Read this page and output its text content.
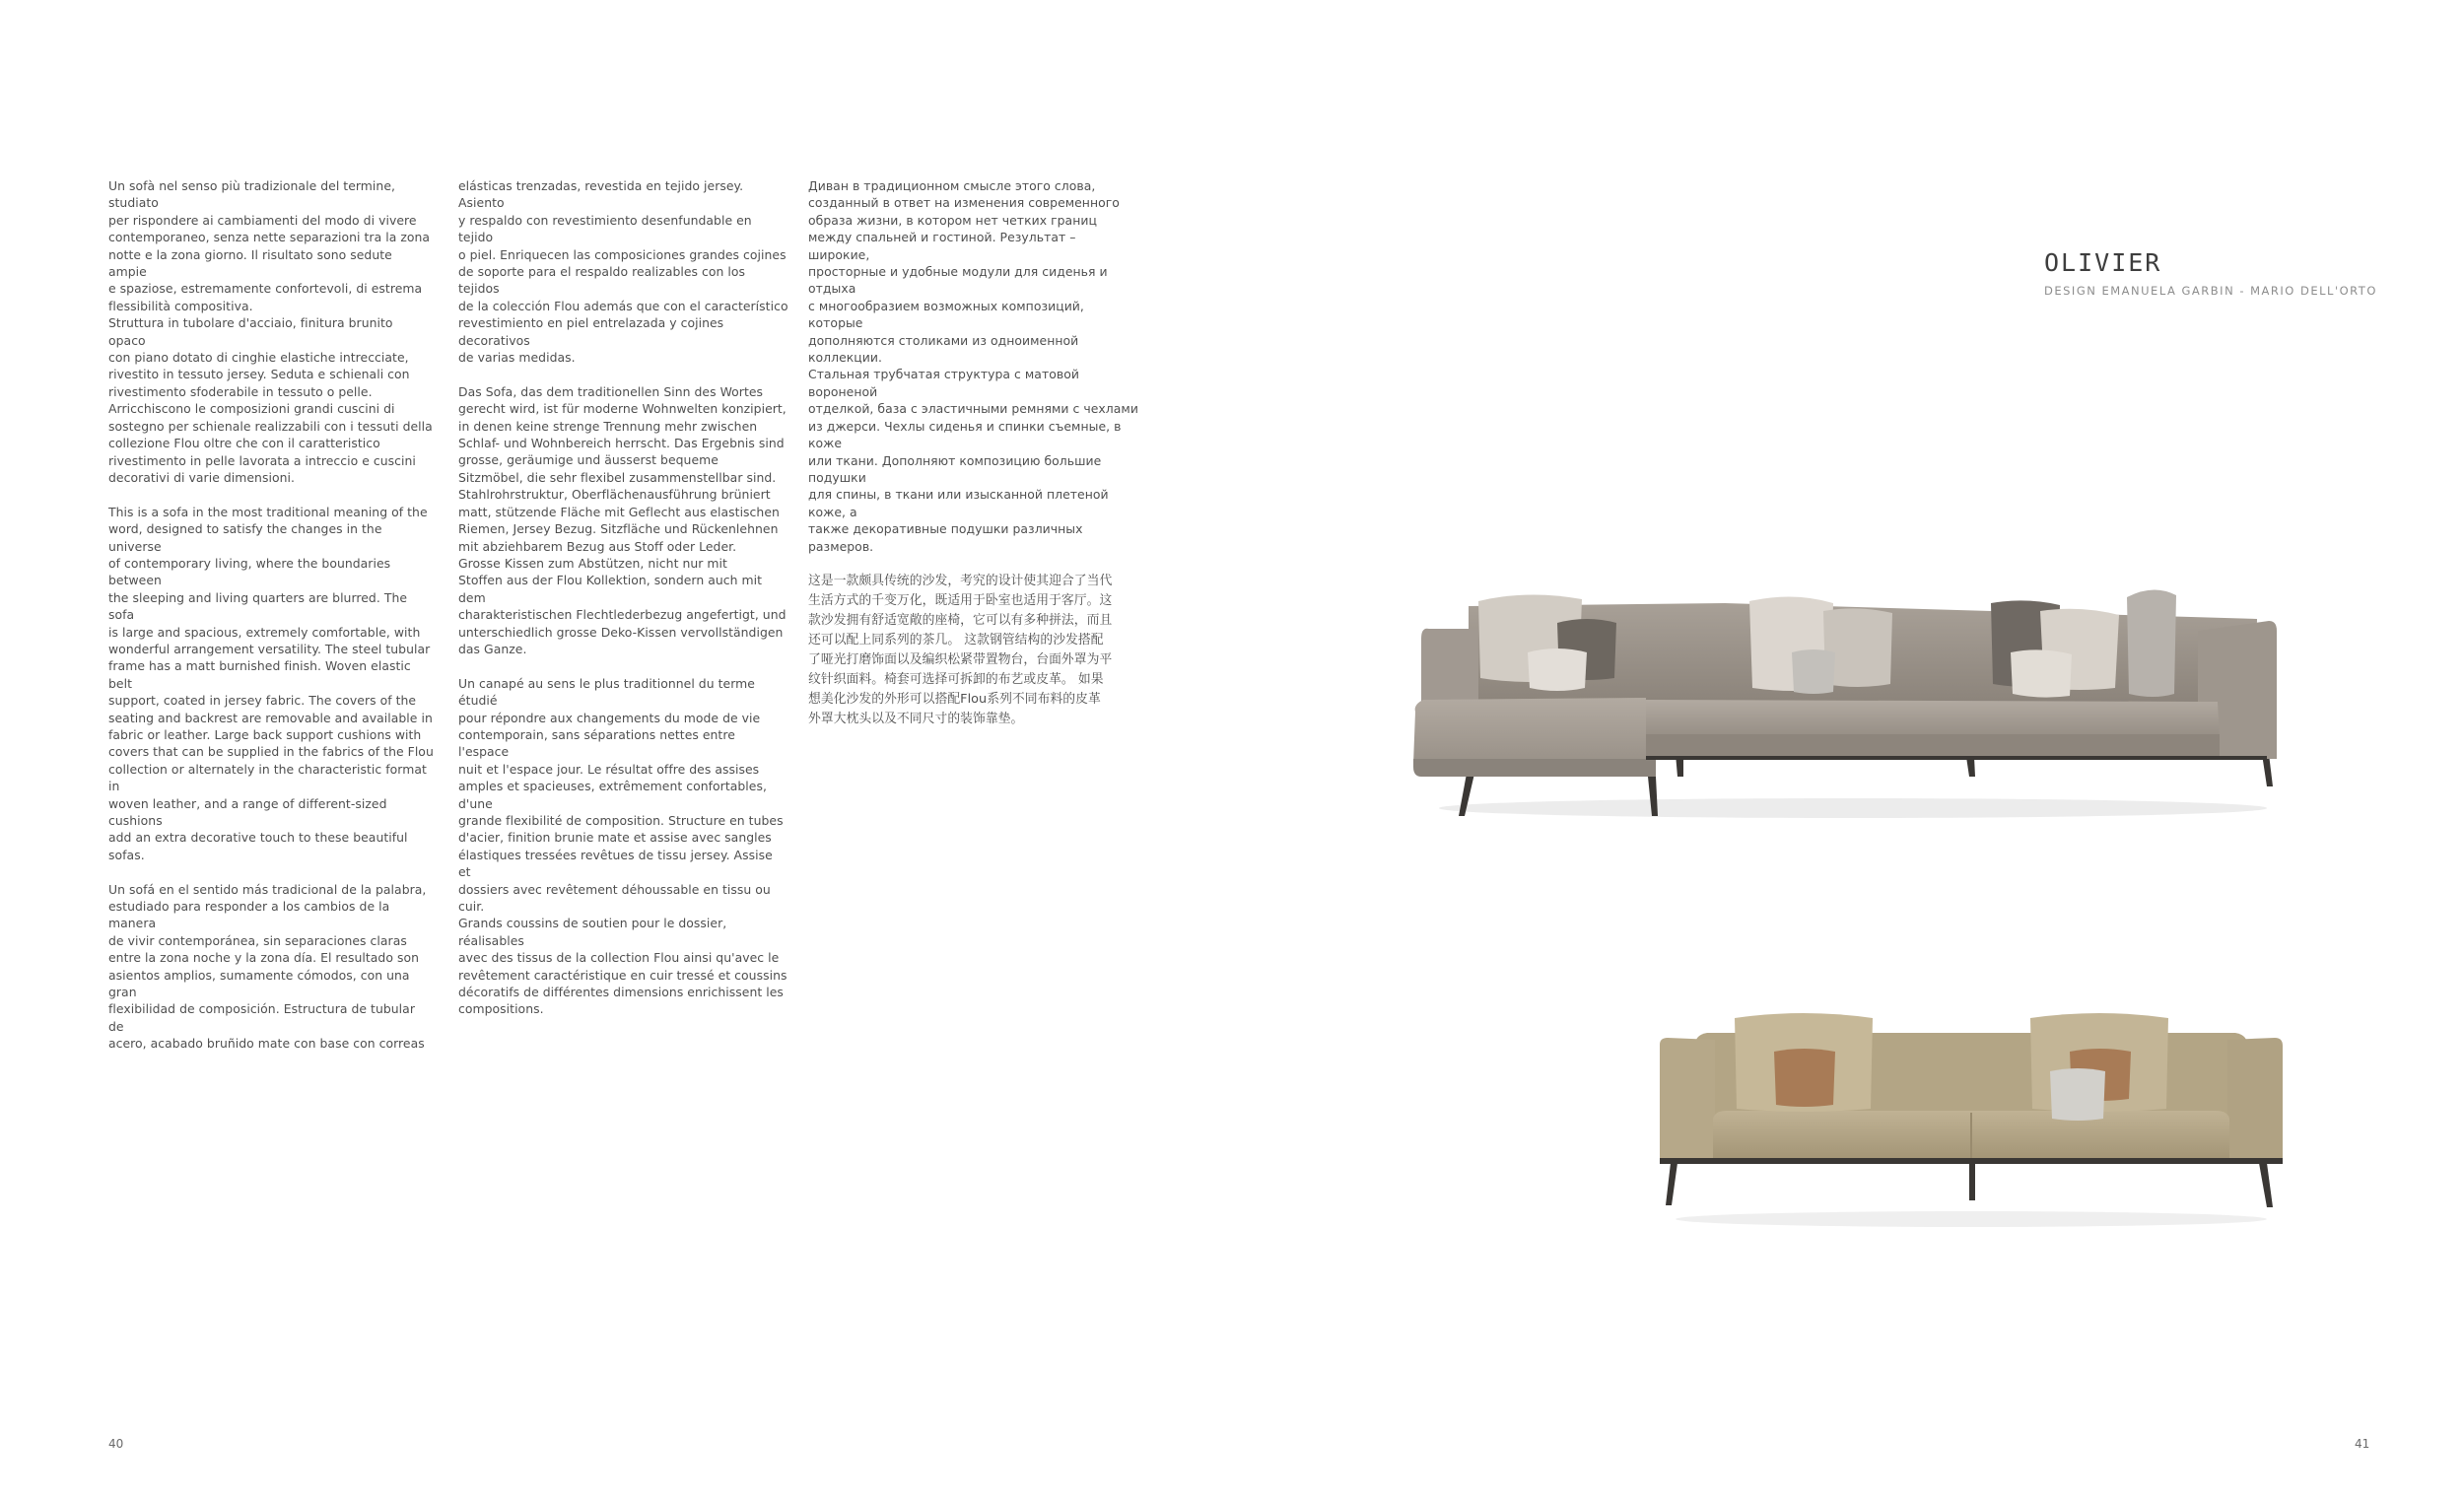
Un sofà nel senso più tradizionale del termine, studiato
per rispondere ai cambiamenti del modo di vivere
contemporaneo, senza nette separazioni tra la zona
notte e la zona giorno. Il risultato sono sedute ampie
e spaziose, estremamente confortevoli, di estrema
flessibilità compositiva.
Struttura in tubolare d'acciaio, finitura brunito opaco
con piano dotato di cinghie elastiche intrecciate,
rivestito in tessuto jersey. Seduta e schienali con
rivestimento sfoderabile in tessuto o pelle.
Arricchiscono le composizioni grandi cuscini di
sostegno per schienale realizzabili con i tessuti della
collezione Flou oltre che con il caratteristico
rivestimento in pelle lavorata a intreccio e cuscini
decorativi di varie dimensioni.

This is a sofa in the most traditional meaning of the
word, designed to satisfy the changes in the universe
of contemporary living, where the boundaries between
the sleeping and living quarters are blurred. The sofa
is large and spacious, extremely comfortable, with
wonderful arrangement versatility. The steel tubular
frame has a matt burnished finish. Woven elastic belt
support, coated in jersey fabric. The covers of the
seating and backrest are removable and available in
fabric or leather. Large back support cushions with
covers that can be supplied in the fabrics of the Flou
collection or alternately in the characteristic format in
woven leather, and a range of different-sized cushions
add an extra decorative touch to these beautiful sofas.

Un sofá en el sentido más tradicional de la palabra,
estudiado para responder a los cambios de la manera
de vivir contemporánea, sin separaciones claras
entre la zona noche y la zona día. El resultado son
asientos amplios, sumamente cómodos, con una gran
flexibilidad de composición. Estructura de tubular de
acero, acabado bruñido mate con base con correas

elásticas trenzadas, revestida en tejido jersey. Asiento
y respaldo con revestimiento desenfundable en tejido
o piel. Enriquecen las composiciones grandes cojines
de soporte para el respaldo realizables con los tejidos
de la colección Flou además que con el característico
revestimiento en piel entrelazada y cojines decorativos
de varias medidas.

Das Sofa, das dem traditionellen Sinn des Wortes
gerecht wird, ist für moderne Wohnwelten konzipiert,
in denen keine strenge Trennung mehr zwischen
Schlaf- und Wohnbereich herrscht. Das Ergebnis sind
grosse, geräumige und äusserst bequeme
Sitzmöbel, die sehr flexibel zusammenstellbar sind.
Stahlrohrstruktur, Oberflächenausführung brüniert
matt, stützende Fläche mit Geflecht aus elastischen
Riemen, Jersey Bezug. Sitzfläche und Rückenlehnen
mit abziehbarem Bezug aus Stoff oder Leder.
Grosse Kissen zum Abstützen, nicht nur mit
Stoffen aus der Flou Kollektion, sondern auch mit dem
charakteristischen Flechtlederbezug angefertigt, und
unterschiedlich grosse Deko-Kissen vervollständigen
das Ganze.

Un canapé au sens le plus traditionnel du terme étudié
pour répondre aux changements du mode de vie
contemporain, sans séparations nettes entre l'espace
nuit et l'espace jour. Le résultat offre des assises
amples et spacieuses, extrêmement confortables, d'une
grande flexibilité de composition. Structure en tubes
d'acier, finition brunie mate et assise avec sangles
élastiques tressées revêtues de tissu jersey. Assise et
dossiers avec revêtement déhoussable en tissu ou cuir.
Grands coussins de soutien pour le dossier, réalisables
avec des tissus de la collection Flou ainsi qu'avec le
revêtement caractéristique en cuir tressé et coussins
décoratifs de différentes dimensions enrichissent les
compositions.

Диван в традиционном смысле этого слова,
созданный в ответ на изменения современного
образа жизни, в котором нет четких границ
между спальней и гостиной. Результат – широкие,
просторные и удобные модули для сиденья и отдыха
с многообразием возможных композиций, которые
дополняются столиками из одноименной коллекции.
Стальная трубчатая структура с матовой вороненой
отделкой, база с эластичными ремнями с чехлами
из джерси. Чехлы сиденья и спинки съемные, в коже
или ткани. Дополняют композицию большие подушки
для спины, в ткани или изысканной плетеной коже, а
также декоративные подушки различных размеров.

这是一款颇具传统的沙发，考究的设计使其迎合了当代
生活方式的千变万化，既适用于卧室也适用于客厅。这
款沙发拥有舒适宽敞的座椅，它可以有多种拼法，而且
还可以配上同系列的茶几。 这款钢管结构的沙发搭配
了哑光打磨饰面以及编织松紧带置物台，台面外罩为平
纹针织面料。椅套可选择可拆卸的布艺或皮革。 如果
想美化沙发的外形可以搭配Flou系列不同布料的皮革
外罩大枕头以及不同尺寸的装饰靠垫。

40
OLIVIER
DESIGN EMANUELA GARBIN - MARIO DELL'ORTO
41
